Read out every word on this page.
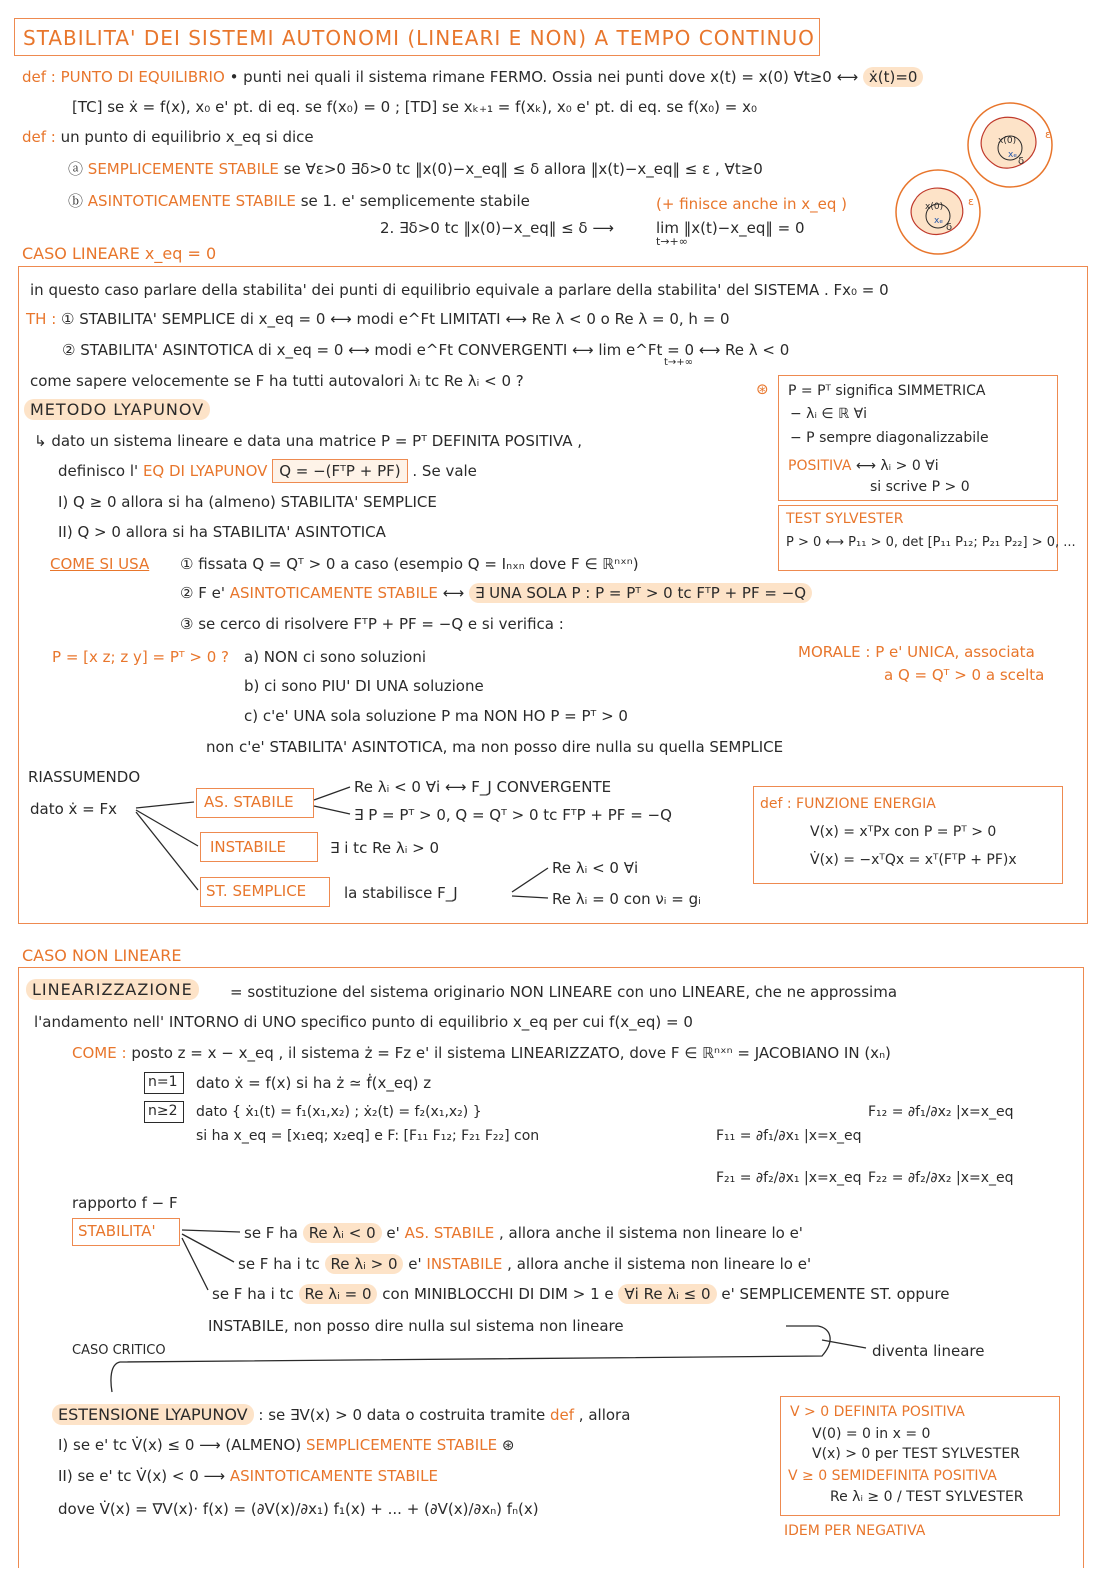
STABILITA' DEI SISTEMI AUTONOMI (LINEARI E NON) A TEMPO CONTINUO
def : PUNTO DI EQUILIBRIO • punti nei quali il sistema rimane FERMO. Ossia nei punti dove x(t) = x(0) ∀t≥0 ⟷ ẋ(t)=0
[TC] se ẋ = f(x), x₀ e' pt. di eq. se f(x₀) = 0 ; [TD] se xₖ₊₁ = f(xₖ), x₀ e' pt. di eq. se f(x₀) = x₀
def : un punto di equilibrio x_eq si dice
ⓐ SEMPLICEMENTE STABILE se ∀ε>0 ∃δ>0 tc ‖x(0)−x_eq‖ ≤ δ allora ‖x(t)−x_eq‖ ≤ ε , ∀t≥0
ⓑ ASINTOTICAMENTE STABILE se 1. e' semplicemente stabile	(+ finisce anche in x_eq )
2. ∃δ>0 tc ‖x(0)−x_eq‖ ≤ δ ⟶	lim ‖x(t)−x_eq‖ = 0
t→+∞
x(0)
xₑ
ε
δ
x(0)
xₑ
ε
δ
CASO LINEARE x_eq = 0
in questo caso parlare della stabilita' dei punti di equilibrio equivale a parlare della stabilita' del SISTEMA . Fx₀ = 0
TH : ① STABILITA' SEMPLICE di x_eq = 0 ⟷ modi e^Ft LIMITATI ⟷ Re λ < 0 o Re λ = 0, h = 0
② STABILITA' ASINTOTICA di x_eq = 0 ⟷ modi e^Ft CONVERGENTI ⟷ lim e^Ft = 0 ⟷ Re λ < 0
t→+∞
come sapere velocemente se F ha tutti autovalori λᵢ tc Re λᵢ < 0 ?
METODO LYAPUNOV
↳ dato un sistema lineare e data una matrice P = Pᵀ DEFINITA POSITIVA ,
definisco l' EQ DI LYAPUNOV Q = −(FᵀP + PF) . Se vale
I) Q ≥ 0 allora si ha (almeno) STABILITA' SEMPLICE
II) Q > 0 allora si ha STABILITA' ASINTOTICA
COME SI USA ① fissata Q = Qᵀ > 0 a caso (esempio Q = Iₙₓₙ dove F ∈ ℝⁿˣⁿ)
② F e' ASINTOTICAMENTE STABILE ⟷ ∃ UNA SOLA P : P = Pᵀ > 0 tc FᵀP + PF = −Q
③ se cerco di risolvere FᵀP + PF = −Q e si verifica :
P = [x z; z y] = Pᵀ > 0 ? a) NON ci sono soluzioni
b) ci sono PIU' DI UNA soluzione
c) c'e' UNA sola soluzione P ma NON HO P = Pᵀ > 0
non c'e' STABILITA' ASINTOTICA, ma non posso dire nulla su quella SEMPLICE
MORALE : P e' UNICA, associata
a Q = Qᵀ > 0 a scelta
⊛ P = Pᵀ significa SIMMETRICA
− λᵢ ∈ ℝ ∀i
− P sempre diagonalizzabile
POSITIVA ⟷ λᵢ > 0 ∀i
si scrive P > 0
TEST SYLVESTER
P > 0 ⟷ P₁₁ > 0, det [P₁₁ P₁₂; P₂₁ P₂₂] > 0, ...
RIASSUMENDO
dato ẋ = Fx	AS. STABILE
Re λᵢ < 0 ∀i ⟷ F_J CONVERGENTE
∃ P = Pᵀ > 0, Q = Qᵀ > 0 tc FᵀP + PF = −Q
INSTABILE	∃ i tc Re λᵢ > 0
ST. SEMPLICE	la stabilisce F_J
Re λᵢ < 0 ∀i
Re λᵢ = 0 con νᵢ = gᵢ
def : FUNZIONE ENERGIA
V(x) = xᵀPx con P = Pᵀ > 0
V̇(x) = −xᵀQx = xᵀ(FᵀP + PF)x
CASO NON LINEARE
LINEARIZZAZIONE	= sostituzione del sistema originario NON LINEARE con uno LINEARE, che ne approssima
l'andamento nell' INTORNO di UNO specifico punto di equilibrio x_eq per cui f(x_eq) = 0
COME : posto z = x − x_eq , il sistema ż = Fz e' il sistema LINEARIZZATO, dove F ∈ ℝⁿˣⁿ = JACOBIANO IN (xₙ)
n=1 dato ẋ = f(x) si ha ż ≃ ḟ(x_eq) z
n≥2 dato { ẋ₁(t) = f₁(x₁,x₂) ; ẋ₂(t) = f₂(x₁,x₂) }
si ha x_eq = [x₁eq; x₂eq] e F: [F₁₁ F₁₂; F₂₁ F₂₂] con	F₁₁ = ∂f₁/∂x₁ |x=x_eq
F₁₂ = ∂f₁/∂x₂ |x=x_eq
F₂₁ = ∂f₂/∂x₁ |x=x_eq F₂₂ = ∂f₂/∂x₂ |x=x_eq
rapporto f − F
STABILITA'	se F ha Re λᵢ < 0 e' AS. STABILE , allora anche il sistema non lineare lo e'
se F ha i tc Re λᵢ > 0 e' INSTABILE , allora anche il sistema non lineare lo e'
se F ha i tc Re λᵢ = 0 con MINIBLOCCHI DI DIM > 1 e ∀i Re λᵢ ≤ 0 e' SEMPLICEMENTE ST. oppure
INSTABILE, non posso dire nulla sul sistema non lineare
diventa lineare
CASO CRITICO
ESTENSIONE LYAPUNOV : se ∃V(x) > 0 data o costruita tramite def , allora
I) se e' tc V̇(x) ≤ 0 ⟶ (ALMENO) SEMPLICEMENTE STABILE ⊛
II) se e' tc V̇(x) < 0 ⟶ ASINTOTICAMENTE STABILE
dove V̇(x) = ∇V(x)· f(x) = (∂V(x)/∂x₁) f₁(x) + ... + (∂V(x)/∂xₙ) fₙ(x)
V > 0 DEFINITA POSITIVA
V(0) = 0 in x = 0
V(x) > 0 per TEST SYLVESTER
V ≥ 0 SEMIDEFINITA POSITIVA
Re λᵢ ≥ 0 / TEST SYLVESTER
IDEM PER NEGATIVA
